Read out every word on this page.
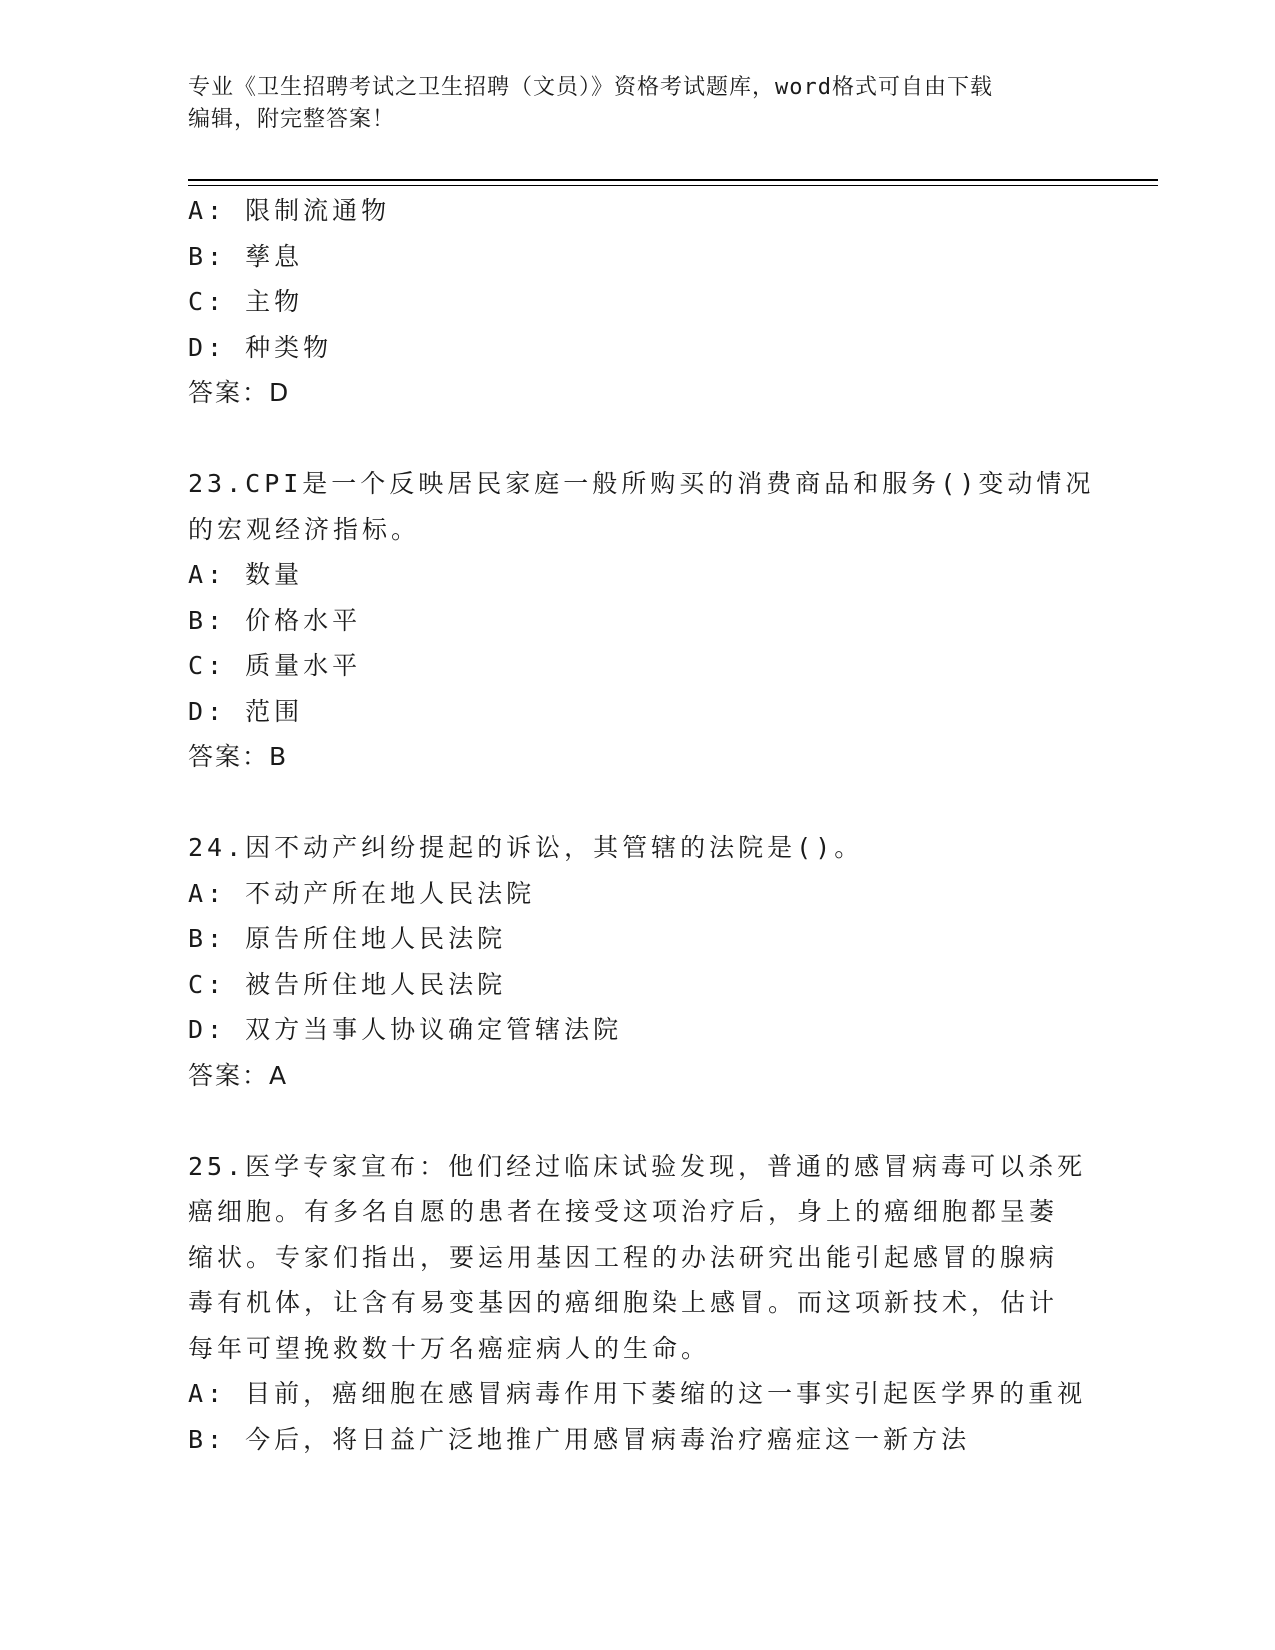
专业《卫生招聘考试之卫生招聘（文员）》资格考试题库，word格式可自由下载
编辑，附完整答案！
A: 限制流通物
B: 孳息
C: 主物
D: 种类物
答案：D
23.CPI是一个反映居民家庭一般所购买的消费商品和服务()变动情况
的宏观经济指标。
A: 数量
B: 价格水平
C: 质量水平
D: 范围
答案：B
24.因不动产纠纷提起的诉讼，其管辖的法院是()。
A: 不动产所在地人民法院
B: 原告所住地人民法院
C: 被告所住地人民法院
D: 双方当事人协议确定管辖法院
答案：A
25.医学专家宣布：他们经过临床试验发现，普通的感冒病毒可以杀死
癌细胞。有多名自愿的患者在接受这项治疗后，身上的癌细胞都呈萎
缩状。专家们指出，要运用基因工程的办法研究出能引起感冒的腺病
毒有机体，让含有易变基因的癌细胞染上感冒。而这项新技术，估计
每年可望挽救数十万名癌症病人的生命。
A: 目前，癌细胞在感冒病毒作用下萎缩的这一事实引起医学界的重视
B: 今后，将日益广泛地推广用感冒病毒治疗癌症这一新方法
